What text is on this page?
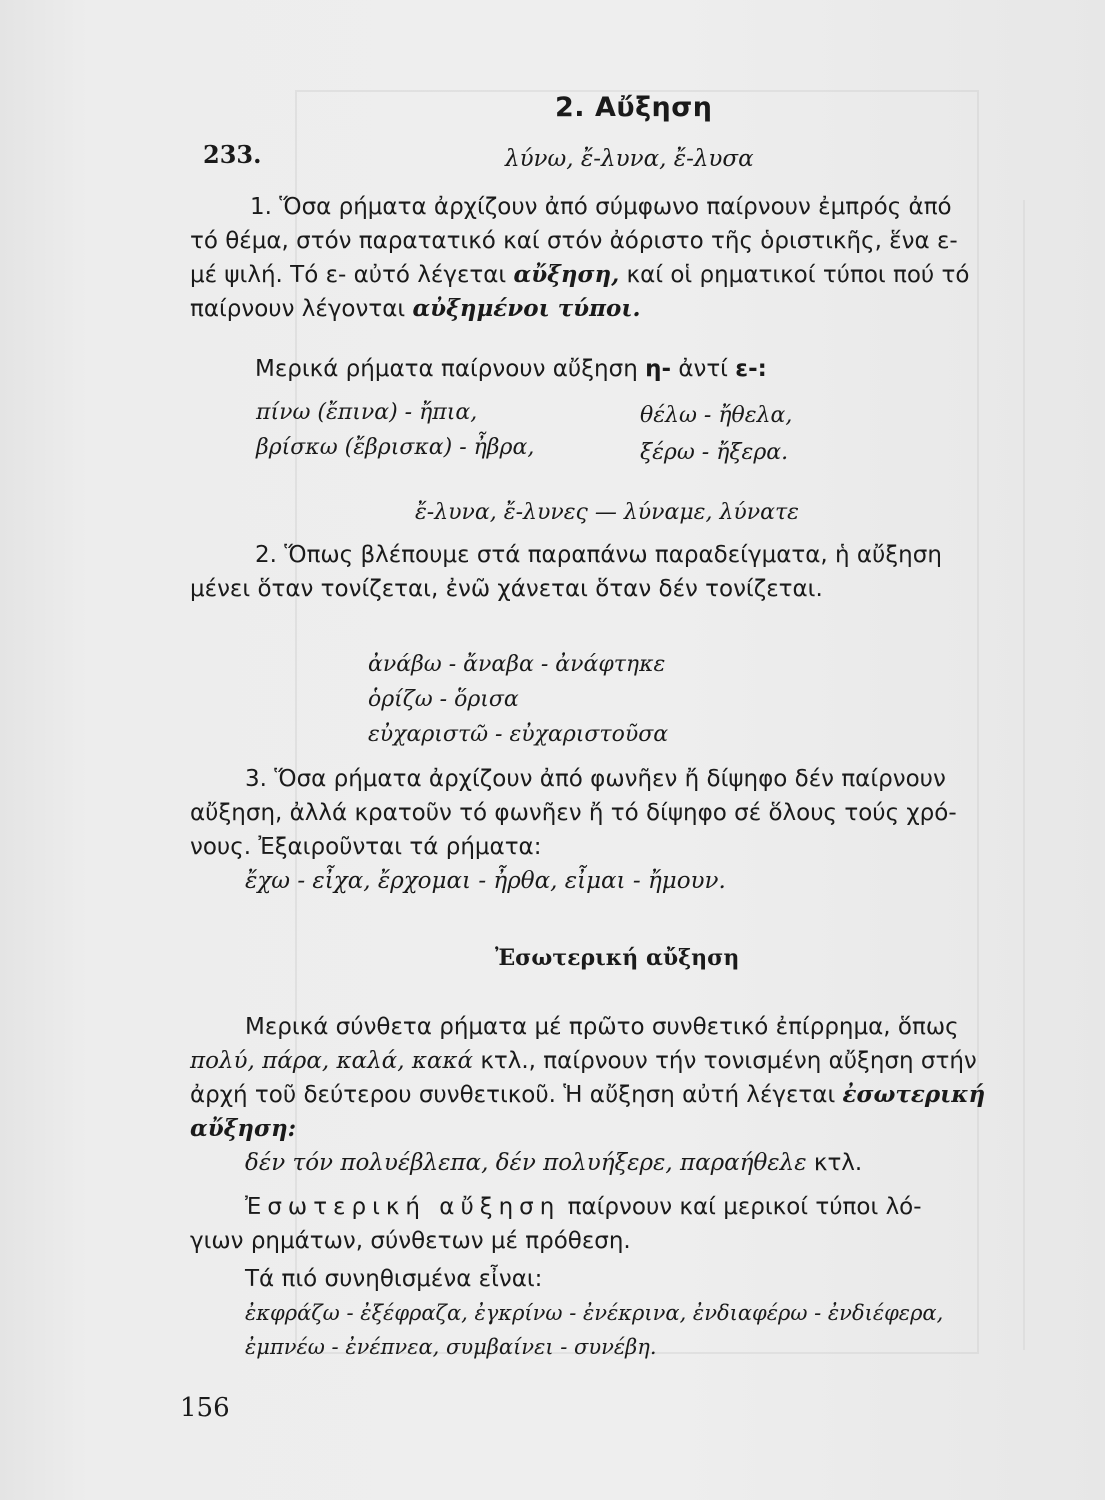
2. Αὔξηση
233.	λύνω, ἔ-λυνα, ἔ-λυσα
1. Ὅσα ρήματα ἀρχίζουν ἀπό σύμφωνο παίρνουν ἐμπρός ἀπό
τό θέμα, στόν παρατατικό καί στόν ἀόριστο τῆς ὁριστικῆς, ἕνα ε-
μέ ψιλή. Τό ε- αὐτό λέγεται αὔξηση, καί οἱ ρηματικοί τύποι πού τό
παίρνουν λέγονται αὐξημένοι τύποι.
Μερικά ρήματα παίρνουν αὔξηση η- ἀντί ε-:
πίνω (ἔπινα) - ἤπια,	θέλω - ἤθελα,
βρίσκω (ἔβρισκα) - ἦβρα,	ξέρω - ἤξερα.
ἔ-λυνα, ἔ-λυνες — λύναμε, λύνατε
2. Ὅπως βλέπουμε στά παραπάνω παραδείγματα, ἡ αὔξηση
μένει ὅταν τονίζεται, ἐνῶ χάνεται ὅταν δέν τονίζεται.
ἀνάβω - ἄναβα - ἀνάφτηκε
ὁρίζω - ὅρισα
εὐχαριστῶ - εὐχαριστοῦσα
3. Ὅσα ρήματα ἀρχίζουν ἀπό φωνῆεν ἤ δίψηφο δέν παίρνουν
αὔξηση, ἀλλά κρατοῦν τό φωνῆεν ἤ τό δίψηφο σέ ὅλους τούς χρό-
νους. Ἐξαιροῦνται τά ρήματα:
ἔχω - εἶχα, ἔρχομαι - ἦρθα, εἶμαι - ἤμουν.
Ἐσωτερική αὔξηση
Μερικά σύνθετα ρήματα μέ πρῶτο συνθετικό ἐπίρρημα, ὅπως
πολύ, πάρα, καλά, κακά κτλ., παίρνουν τήν τονισμένη αὔξηση στήν
ἀρχή τοῦ δεύτερου συνθετικοῦ. Ἡ αὔξηση αὐτή λέγεται ἐσωτερική
αὔξηση:
δέν τόν πολυέβλεπα, δέν πολυήξερε, παραήθελε κτλ.
Ἐσωτερική αὔξηση παίρνουν καί μερικοί τύποι λό-
γιων ρημάτων, σύνθετων μέ πρόθεση.
Τά πιό συνηθισμένα εἶναι:
ἐκφράζω - ἐξέφραζα, ἐγκρίνω - ἐνέκρινα, ἐνδιαφέρω - ἐνδιέφερα,
ἐμπνέω - ἐνέπνεα, συμβαίνει - συνέβη.
156
